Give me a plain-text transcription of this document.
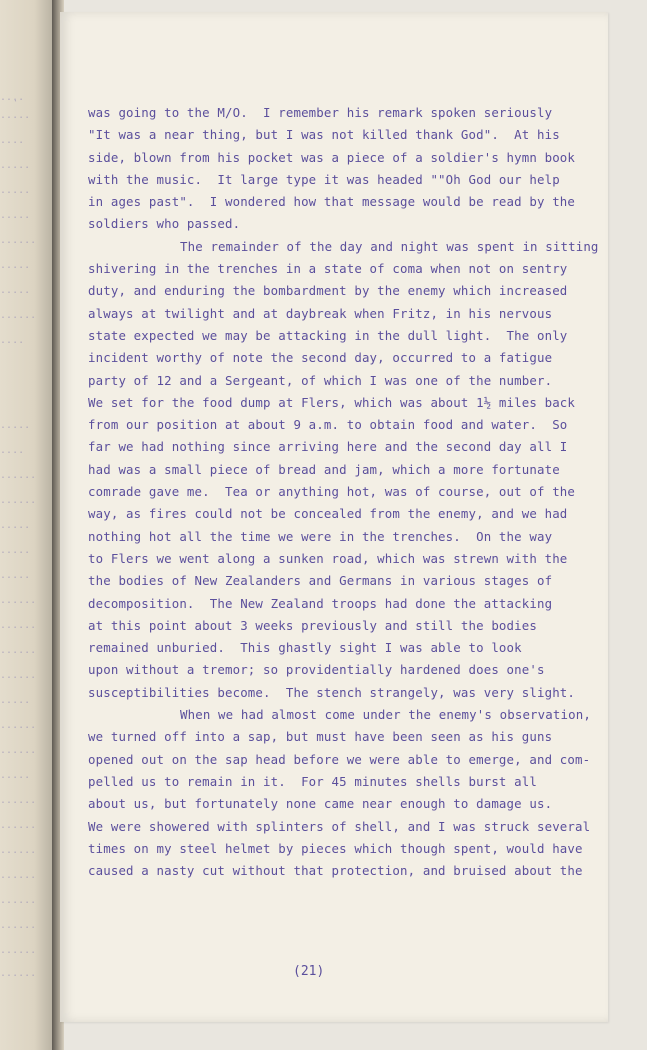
.,..
.....
....
.....
.....
.....
......
.....
.....
......
....
.....
....
......
......
.....
.....
.....
......
......
......
......
.....
......
......
.....
......
......
......
......
......
......
......
......

was going to the M/O.  I remember his remark spoken seriously

"It was a near thing, but I was not killed thank God".  At his

side, blown from his pocket was a piece of a soldier's hymn book

with the music.  It large type it was headed ""Oh God our help

in ages past".  I wondered how that message would be read by the

soldiers who passed.

The remainder of the day and night was spent in sitting

shivering in the trenches in a state of coma when not on sentry

duty, and enduring the bombardment by the enemy which increased

always at twilight and at daybreak when Fritz, in his nervous

state expected we may be attacking in the dull light.  The only

incident worthy of note the second day, occurred to a fatigue

party of 12 and a Sergeant, of which I was one of the number.

We set for the food dump at Flers, which was about 1½ miles back

from our position at about 9 a.m. to obtain food and water.  So

far we had nothing since arriving here and the second day all I

had was a small piece of bread and jam, which a more fortunate

comrade gave me.  Tea or anything hot, was of course, out of the

way, as fires could not be concealed from the enemy, and we had

nothing hot all the time we were in the trenches.  On the way

to Flers we went along a sunken road, which was strewn with the

the bodies of New Zealanders and Germans in various stages of

decomposition.  The New Zealand troops had done the attacking

at this point about 3 weeks previously and still the bodies

remained unburied.  This ghastly sight I was able to look

upon without a tremor; so providentially hardened does one's

susceptibilities become.  The stench strangely, was very slight.

When we had almost come under the enemy's observation,

we turned off into a sap, but must have been seen as his guns

opened out on the sap head before we were able to emerge, and com-

pelled us to remain in it.  For 45 minutes shells burst all

about us, but fortunately none came near enough to damage us.

We were showered with splinters of shell, and I was struck several

times on my steel helmet by pieces which though spent, would have

caused a nasty cut without that protection, and bruised about the

(21)
